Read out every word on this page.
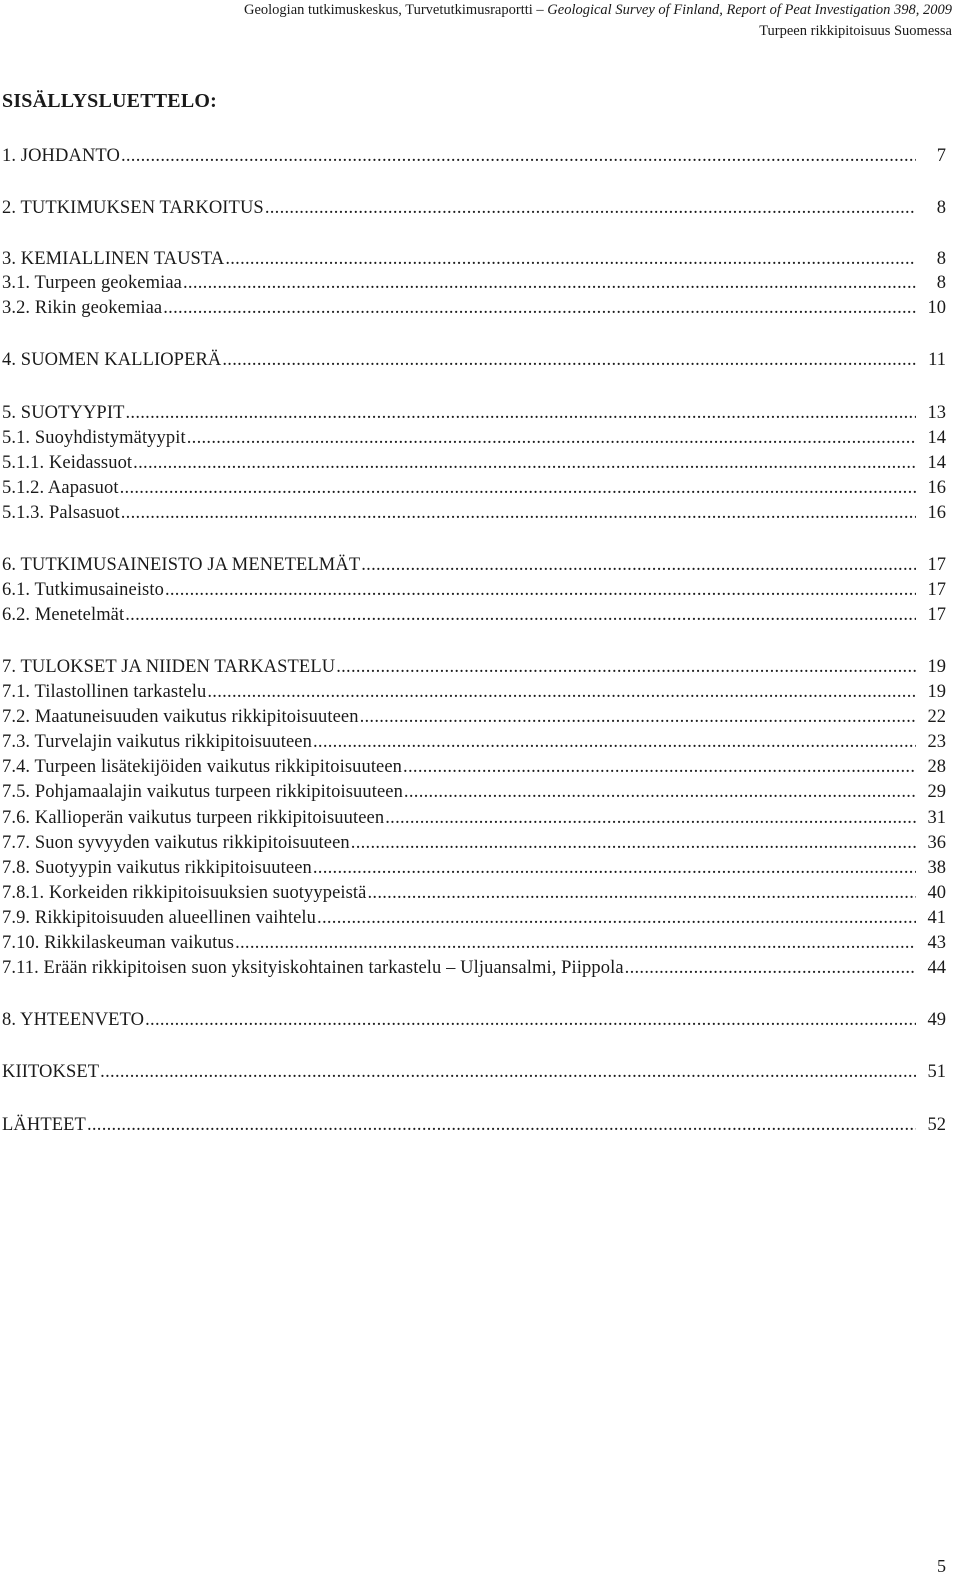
Geologian tutkimuskeskus, Turvetutkimusraportti – Geological Survey of Finland, Report of Peat Investigation 398, 2009
Turpeen rikkipitoisuus Suomessa
SISÄLLYSLUETTELO:
1. JOHDANTO .....	7
2. TUTKIMUKSEN TARKOITUS .....	8
3. KEMIALLINEN TAUSTA .....	8
3.1. Turpeen geokemiaa .....	8
3.2. Rikin geokemiaa .....	10
4. SUOMEN KALLIOPERÄ .....	11
5. SUOTYYPIT .....	13
5.1. Suoyhdistymätyypit .....	14
5.1.1. Keidassuot .....	14
5.1.2. Aapasuot .....	16
5.1.3. Palsasuot .....	16
6. TUTKIMUSAINEISTO JA MENETELMÄT .....	17
6.1. Tutkimusaineisto .....	17
6.2. Menetelmät .....	17
7. TULOKSET JA NIIDEN TARKASTELU .....	19
7.1. Tilastollinen tarkastelu .....	19
7.2. Maatuneisuuden vaikutus rikkipitoisuuteen .....	22
7.3. Turvelajin vaikutus rikkipitoisuuteen .....	23
7.4. Turpeen lisätekijöiden vaikutus rikkipitoisuuteen .....	28
7.5. Pohjamaalajin vaikutus turpeen rikkipitoisuuteen .....	29
7.6. Kallioperän vaikutus turpeen rikkipitoisuuteen .....	31
7.7. Suon syvyyden vaikutus rikkipitoisuuteen .....	36
7.8. Suotyypin vaikutus rikkipitoisuuteen .....	38
7.8.1. Korkeiden rikkipitoisuuksien suotyypeistä .....	40
7.9. Rikkipitoisuuden alueellinen vaihtelu .....	41
7.10. Rikkilaskeuman vaikutus .....	43
7.11. Erään rikkipitoisen suon yksityiskohtainen tarkastelu – Uljuansalmi, Piippola .....	44
8. YHTEENVETO .....	49
KIITOKSET .....	51
LÄHTEET .....	52
5
